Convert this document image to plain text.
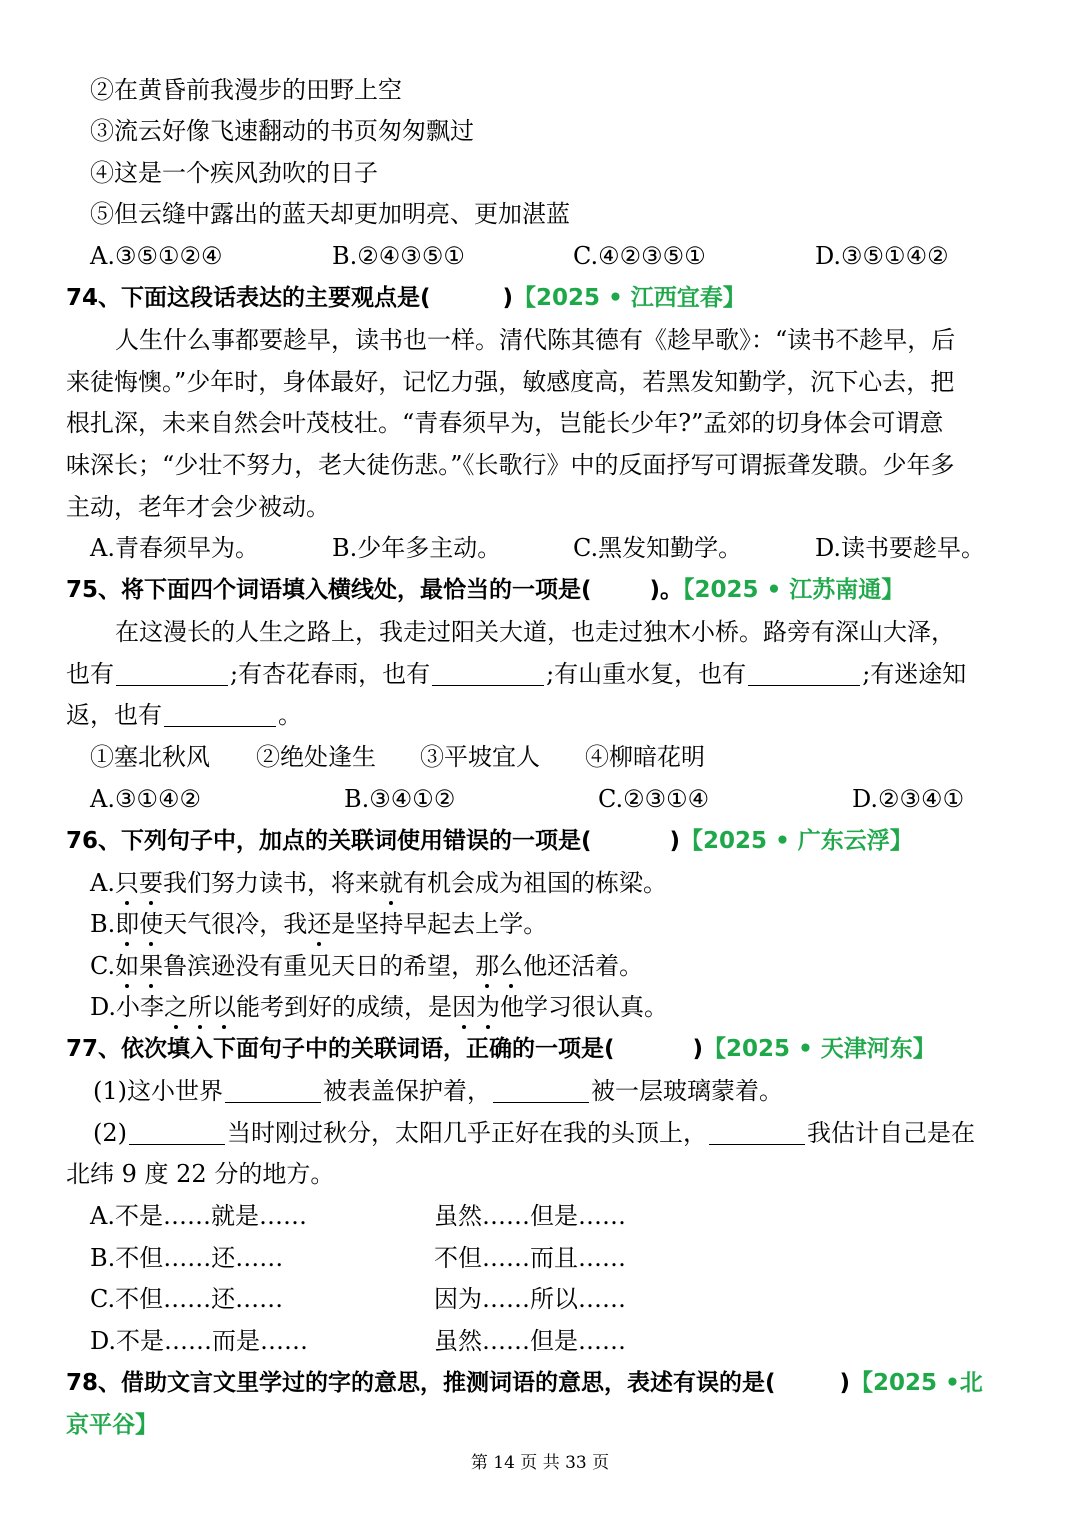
②在黄昏前我漫步的田野上空
③流云好像飞速翻动的书页匆匆飘过
④这是一个疾风劲吹的日子
⑤但云缝中露出的蓝天却更加明亮、更加湛蓝
A.③⑤①②④	B.②④③⑤①	C.④②③⑤①	D.③⑤①④②
74、下面这段话表达的主要观点是(	)【2025 • 江西宜春】
人生什么事都要趁早，读书也一样。清代陈其德有《趁早歌》：“读书不趁早，后
来徒悔懊。”少年时，身体最好，记忆力强，敏感度高，若黑发知勤学，沉下心去，把
根扎深，未来自然会叶茂枝壮。“青春须早为，岂能长少年?”孟郊的切身体会可谓意
味深长；“少壮不努力，老大徒伤悲。”《长歌行》中的反面抒写可谓振聋发聩。少年多
主动，老年才会少被动。
A.青春须早为。	B.少年多主动。	C.黑发知勤学。	D.读书要趁早。
75、将下面四个词语填入横线处，最恰当的一项是(	)。【2025 • 江苏南通】
在这漫长的人生之路上，我走过阳关大道，也走过独木小桥。路旁有深山大泽，
也有	;有杏花春雨，也有	;有山重水复，也有	;有迷途知
返，也有	。
①塞北秋风 ②绝处逢生 ③平坡宜人 ④柳暗花明
A.③①④②	B.③④①②	C.②③①④	D.②③④①
76、下列句子中，加点的关联词使用错误的一项是(	)【2025 • 广东云浮】
A.只要我们努力读书，将来就有机会成为祖国的栋梁。
B.即使天气很冷，我还是坚持早起去上学。
C.如果鲁滨逊没有重见天日的希望，那么他还活着。
D.小李之所以能考到好的成绩，是因为他学习很认真。
77、依次填入下面句子中的关联词语，正确的一项是(	)【2025 • 天津河东】
(1)这小世界	被表盖保护着，	被一层玻璃蒙着。
(2)	当时刚过秋分，太阳几乎正好在我的头顶上，	我估计自己是在
北纬 9 度 22 分的地方。
A.不是……就是……	虽然……但是……
B.不但……还……	不但……而且……
C.不但……还……	因为……所以……
D.不是……而是……	虽然……但是……
78、借助文言文里学过的字的意思，推测词语的意思，表述有误的是(	)【2025 •北
京平谷】
第 14 页 共 33 页
